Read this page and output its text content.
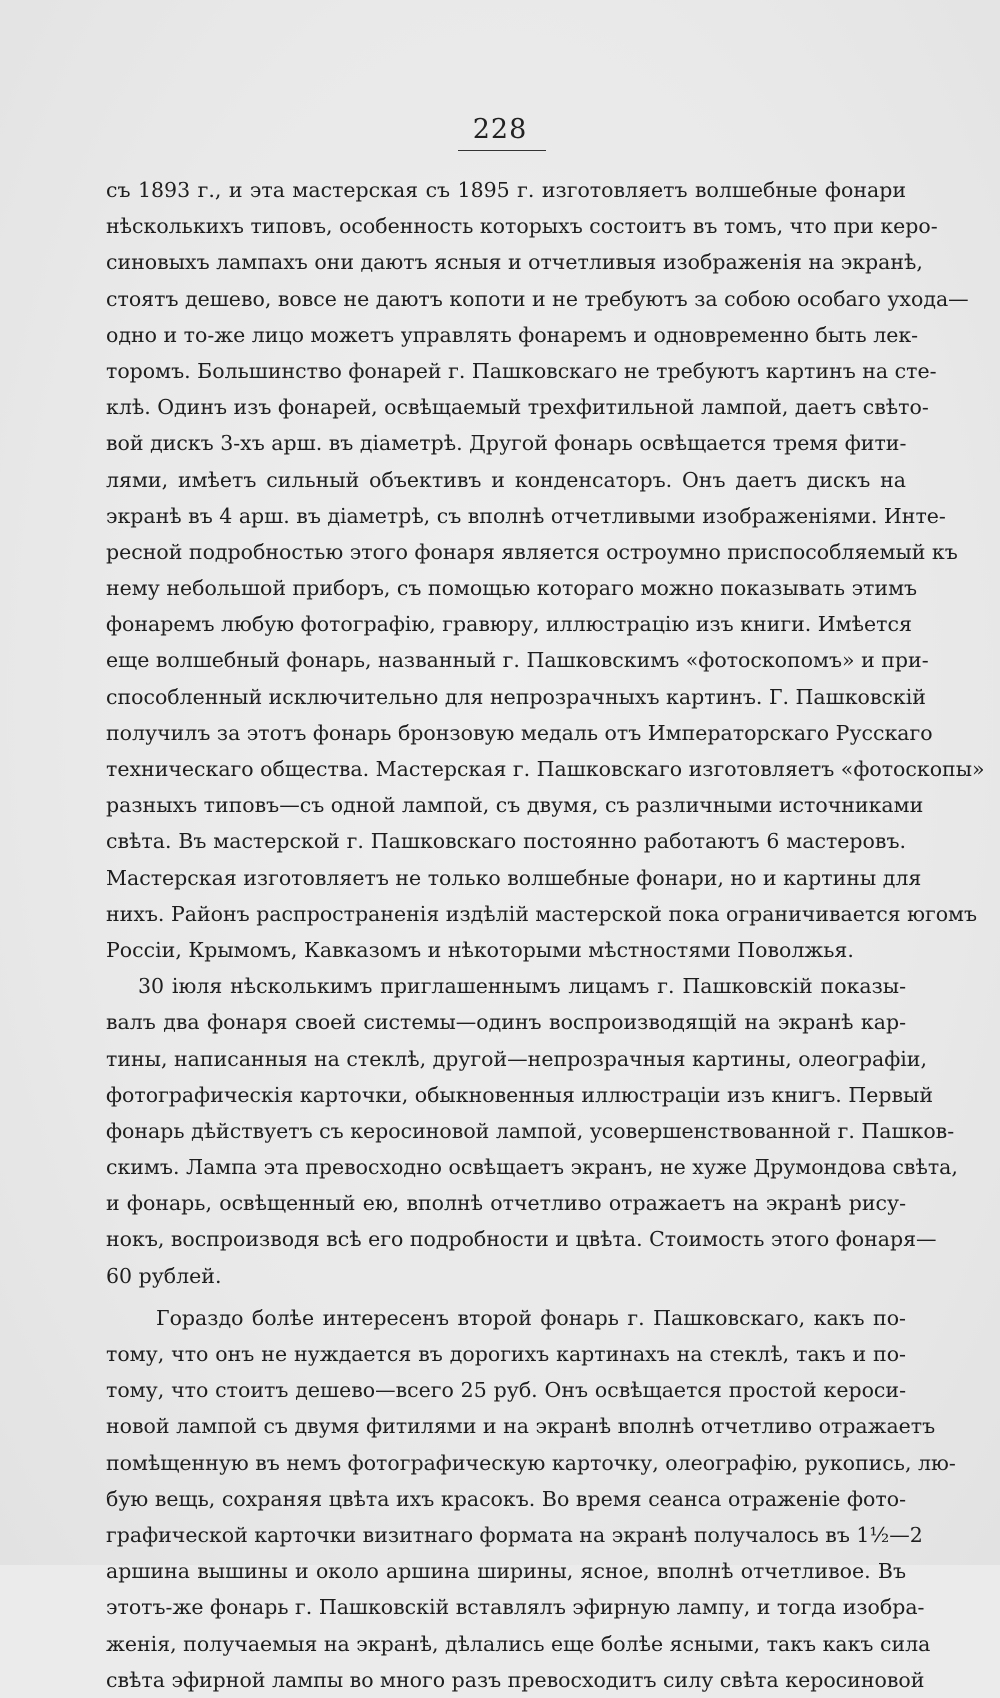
228
съ 1893 г., и эта мастерская съ 1895 г. изготовляетъ волшебные фонари
нѣсколькихъ типовъ, особенность которыхъ состоитъ въ томъ, что при керо-
синовыхъ лампахъ они даютъ ясныя и отчетливыя изображенія на экранѣ,
стоятъ дешево, вовсе не даютъ копоти и не требуютъ за собою особаго ухода—
одно и то-же лицо можетъ управлять фонаремъ и одновременно быть лек-
торомъ. Большинство фонарей г. Пашковскаго не требуютъ картинъ на сте-
клѣ. Одинъ изъ фонарей, освѣщаемый трехфитильной лампой, даетъ свѣто-
вой дискъ 3-хъ арш. въ діаметрѣ. Другой фонарь освѣщается тремя фити-
лями, имѣетъ сильный объективъ и конденсаторъ. Онъ даетъ дискъ на
экранѣ въ 4 арш. въ діаметрѣ, съ вполнѣ отчетливыми изображеніями. Инте-
ресной подробностью этого фонаря является остроумно приспособляемый къ
нему небольшой приборъ, съ помощью котораго можно показывать этимъ
фонаремъ любую фотографію, гравюру, иллюстрацію изъ книги. Имѣется
еще волшебный фонарь, названный г. Пашковскимъ «фотоскопомъ» и при-
способленный исключительно для непрозрачныхъ картинъ. Г. Пашковскій
получилъ за этотъ фонарь бронзовую медаль отъ Императорскаго Русскаго
техническаго общества. Мастерская г. Пашковскаго изготовляетъ «фотоскопы»
разныхъ типовъ—съ одной лампой, съ двумя, съ различными источниками
свѣта. Въ мастерской г. Пашковскаго постоянно работаютъ 6 мастеровъ.
Мастерская изготовляетъ не только волшебные фонари, но и картины для
нихъ. Районъ распространенія издѣлій мастерской пока ограничивается югомъ
Россіи, Крымомъ, Кавказомъ и нѣкоторыми мѣстностями Поволжья.
30 іюля нѣсколькимъ приглашеннымъ лицамъ г. Пашковскій показы-
валъ два фонаря своей системы—одинъ воспроизводящій на экранѣ кар-
тины, написанныя на стеклѣ, другой—непрозрачныя картины, олеографіи,
фотографическія карточки, обыкновенныя иллюстраціи изъ книгъ. Первый
фонарь дѣйствуетъ съ керосиновой лампой, усовершенствованной г. Пашков-
скимъ. Лампа эта превосходно освѣщаетъ экранъ, не хуже Друмондова свѣта,
и фонарь, освѣщенный ею, вполнѣ отчетливо отражаетъ на экранѣ рису-
нокъ, воспроизводя всѣ его подробности и цвѣта. Стоимость этого фонаря—
60 рублей.
Гораздо болѣе интересенъ второй фонарь г. Пашковскаго, какъ по-
тому, что онъ не нуждается въ дорогихъ картинахъ на стеклѣ, такъ и по-
тому, что стоитъ дешево—всего 25 руб. Онъ освѣщается простой кероси-
новой лампой съ двумя фитилями и на экранѣ вполнѣ отчетливо отражаетъ
помѣщенную въ немъ фотографическую карточку, олеографію, рукопись, лю-
бую вещь, сохраняя цвѣта ихъ красокъ. Во время сеанса отраженіе фото-
графической карточки визитнаго формата на экранѣ получалось въ 1½—2
аршина вышины и около аршина ширины, ясное, вполнѣ отчетливое. Въ
этотъ-же фонарь г. Пашковскій вставлялъ эфирную лампу, и тогда изобра-
женія, получаемыя на экранѣ, дѣлались еще болѣе ясными, такъ какъ сила
свѣта эфирной лампы во много разъ превосходитъ силу свѣта керосиновой
